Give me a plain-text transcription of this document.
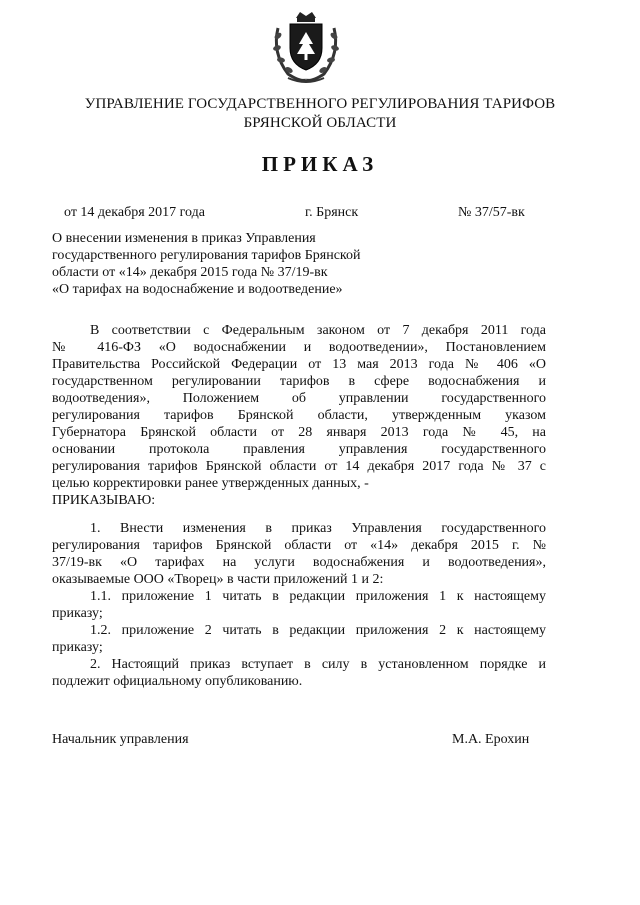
УПРАВЛЕНИЕ ГОСУДАРСТВЕННОГО РЕГУЛИРОВАНИЯ ТАРИФОВ
БРЯНСКОЙ ОБЛАСТИ
ПРИКАЗ
от 14 декабря 2017 года	г. Брянск	№ 37/57-вк
О внесении изменения в приказ Управления
государственного регулирования тарифов Брянской
области от «14» декабря 2015 года № 37/19-вк
«О тарифах на водоснабжение и водоотведение»
В соответствии с Федеральным законом от 7 декабря 2011 года
№ 416-ФЗ «О водоснабжении и водоотведении», Постановлением
Правительства Российской Федерации от 13 мая 2013 года № 406 «О
государственном регулировании тарифов в сфере водоснабжения и
водоотведения», Положением об управлении государственного
регулирования тарифов Брянской области, утвержденным указом
Губернатора Брянской области от 28 января 2013 года № 45, на
основании протокола правления управления государственного
регулирования тарифов Брянской области от 14 декабря 2017 года № 37 с
целью корректировки ранее утвержденных данных, -
ПРИКАЗЫВАЮ:
1. Внести изменения в приказ Управления государственного
регулирования тарифов Брянской области от «14» декабря 2015 г. №
37/19-вк «О тарифах на услуги водоснабжения и водоотведения»,
оказываемые ООО «Творец» в части приложений 1 и 2:
1.1. приложение 1 читать в редакции приложения 1 к настоящему
приказу;
1.2. приложение 2 читать в редакции приложения 2 к настоящему
приказу;
2. Настоящий приказ вступает в силу в установленном порядке и
подлежит официальному опубликованию.
Начальник управления	М.А. Ерохин
